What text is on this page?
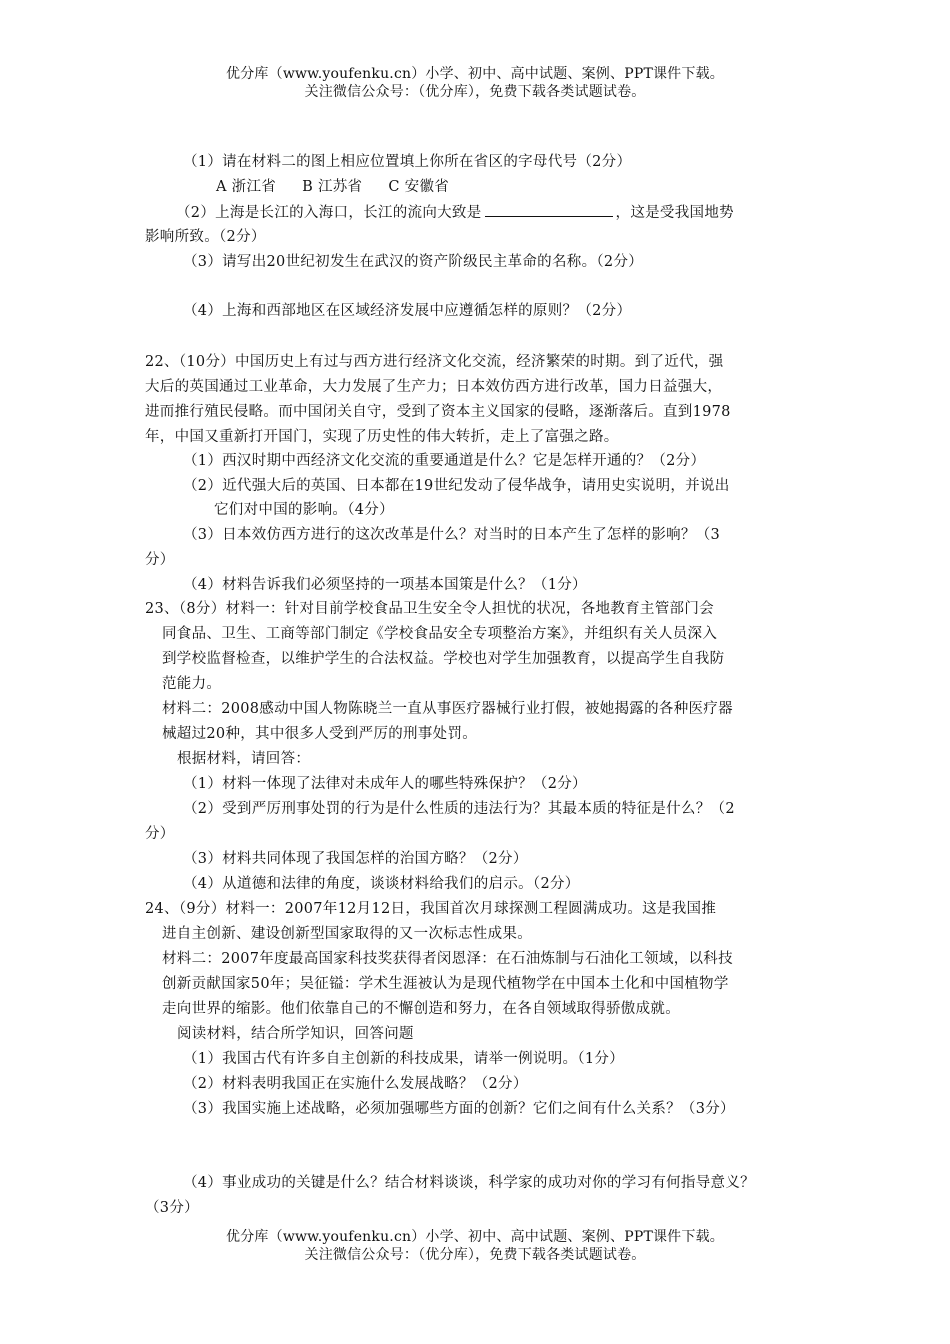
优分库（www.youfenku.cn）小学、初中、高中试题、案例、PPT课件下载。
关注微信公众号：（优分库），免费下载各类试题试卷。
（1）请在材料二的图上相应位置填上你所在省区的字母代号（2分）
A 浙江省 B 江苏省 C 安徽省
（2）上海是长江的入海口，长江的流向大致是	，这是受我国地势
影响所致。（2分）
（3）请写出20世纪初发生在武汉的资产阶级民主革命的名称。（2分）
（4）上海和西部地区在区域经济发展中应遵循怎样的原则？（2分）
22、（10分）中国历史上有过与西方进行经济文化交流，经济繁荣的时期。到了近代，强
大后的英国通过工业革命，大力发展了生产力；日本效仿西方进行改革，国力日益强大，
进而推行殖民侵略。而中国闭关自守，受到了资本主义国家的侵略，逐渐落后。直到1978
年，中国又重新打开国门，实现了历史性的伟大转折，走上了富强之路。
（1）西汉时期中西经济文化交流的重要通道是什么？它是怎样开通的？（2分）
（2）近代强大后的英国、日本都在19世纪发动了侵华战争，请用史实说明，并说出
它们对中国的影响。（4分）
（3）日本效仿西方进行的这次改革是什么？对当时的日本产生了怎样的影响？（3
分）
（4）材料告诉我们必须坚持的一项基本国策是什么？（1分）
23、（8分）材料一：针对目前学校食品卫生安全令人担忧的状况，各地教育主管部门会
同食品、卫生、工商等部门制定《学校食品安全专项整治方案》，并组织有关人员深入
到学校监督检查，以维护学生的合法权益。学校也对学生加强教育，以提高学生自我防
范能力。
材料二：2008感动中国人物陈晓兰一直从事医疗器械行业打假，被她揭露的各种医疗器
械超过20种，其中很多人受到严厉的刑事处罚。
根据材料，请回答：
（1）材料一体现了法律对未成年人的哪些特殊保护？（2分）
（2）受到严厉刑事处罚的行为是什么性质的违法行为？其最本质的特征是什么？（2
分）
（3）材料共同体现了我国怎样的治国方略？（2分）
（4）从道德和法律的角度，谈谈材料给我们的启示。（2分）
24、（9分）材料一：2007年12月12日，我国首次月球探测工程圆满成功。这是我国推
进自主创新、建设创新型国家取得的又一次标志性成果。
材料二：2007年度最高国家科技奖获得者闵恩泽：在石油炼制与石油化工领域，以科技
创新贡献国家50年；吴征镒：学术生涯被认为是现代植物学在中国本土化和中国植物学
走向世界的缩影。他们依靠自己的不懈创造和努力，在各自领域取得骄傲成就。
阅读材料，结合所学知识，回答问题
（1）我国古代有许多自主创新的科技成果，请举一例说明。（1分）
（2）材料表明我国正在实施什么发展战略？（2分）
（3）我国实施上述战略，必须加强哪些方面的创新？它们之间有什么关系？（3分）
（4）事业成功的关键是什么？结合材料谈谈，科学家的成功对你的学习有何指导意义？
（3分）
优分库（www.youfenku.cn）小学、初中、高中试题、案例、PPT课件下载。
关注微信公众号：（优分库），免费下载各类试题试卷。
